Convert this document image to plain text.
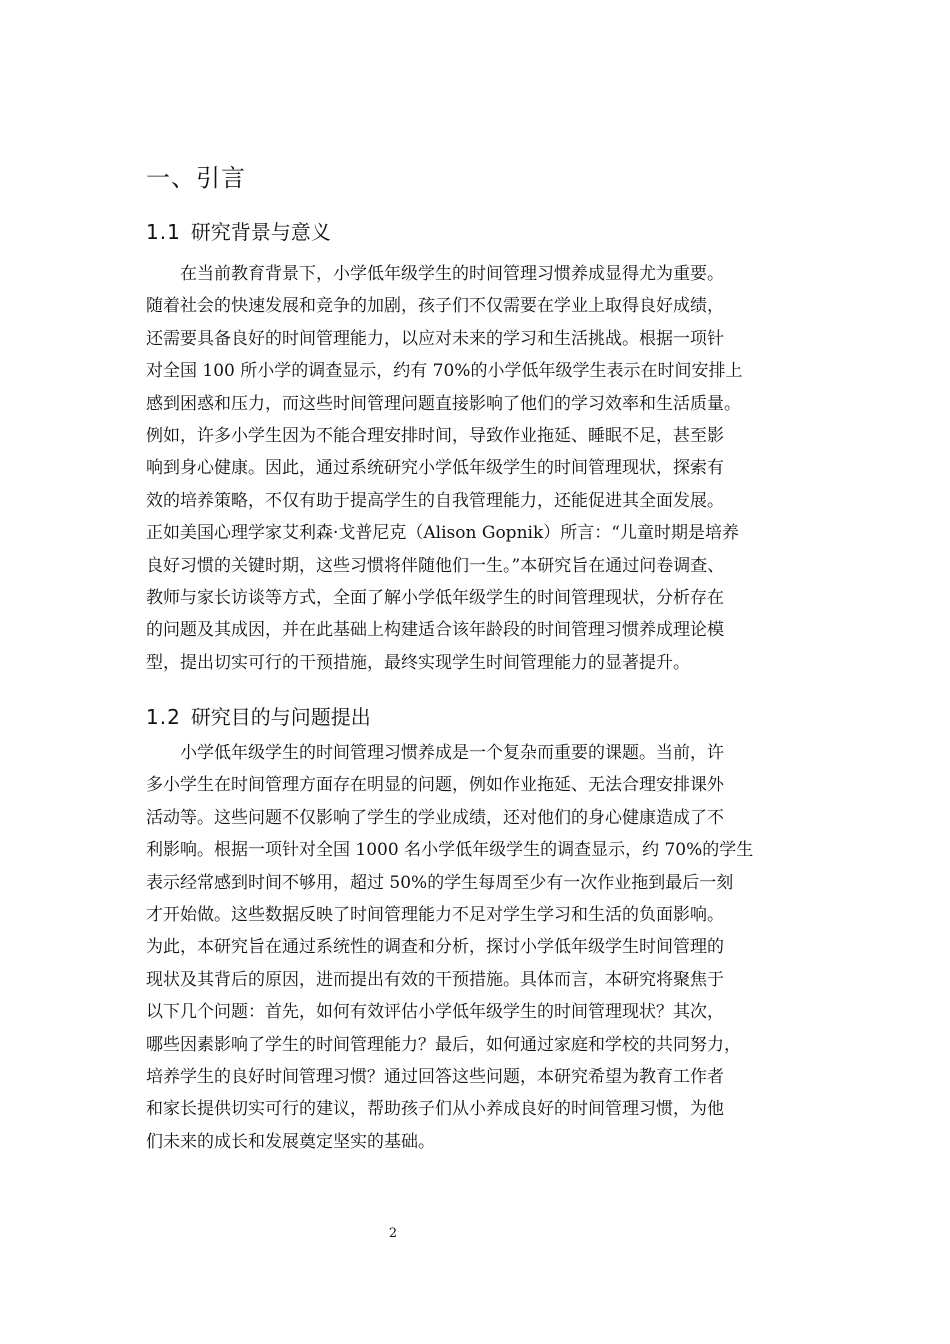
一、引言
1.1 研究背景与意义
　　在当前教育背景下，小学低年级学生的时间管理习惯养成显得尤为重要。
随着社会的快速发展和竞争的加剧，孩子们不仅需要在学业上取得良好成绩，
还需要具备良好的时间管理能力，以应对未来的学习和生活挑战。根据一项针
对全国 100 所小学的调查显示，约有 70%的小学低年级学生表示在时间安排上
感到困惑和压力，而这些时间管理问题直接影响了他们的学习效率和生活质量。
例如，许多小学生因为不能合理安排时间，导致作业拖延、睡眠不足，甚至影
响到身心健康。因此，通过系统研究小学低年级学生的时间管理现状，探索有
效的培养策略，不仅有助于提高学生的自我管理能力，还能促进其全面发展。
正如美国心理学家艾利森·戈普尼克（Alison Gopnik）所言：“儿童时期是培养
良好习惯的关键时期，这些习惯将伴随他们一生。”本研究旨在通过问卷调查、
教师与家长访谈等方式，全面了解小学低年级学生的时间管理现状，分析存在
的问题及其成因，并在此基础上构建适合该年龄段的时间管理习惯养成理论模
型，提出切实可行的干预措施，最终实现学生时间管理能力的显著提升。
1.2 研究目的与问题提出
　　小学低年级学生的时间管理习惯养成是一个复杂而重要的课题。当前，许
多小学生在时间管理方面存在明显的问题，例如作业拖延、无法合理安排课外
活动等。这些问题不仅影响了学生的学业成绩，还对他们的身心健康造成了不
利影响。根据一项针对全国 1000 名小学低年级学生的调查显示，约 70%的学生
表示经常感到时间不够用，超过 50%的学生每周至少有一次作业拖到最后一刻
才开始做。这些数据反映了时间管理能力不足对学生学习和生活的负面影响。
为此，本研究旨在通过系统性的调查和分析，探讨小学低年级学生时间管理的
现状及其背后的原因，进而提出有效的干预措施。具体而言，本研究将聚焦于
以下几个问题：首先，如何有效评估小学低年级学生的时间管理现状？其次，
哪些因素影响了学生的时间管理能力？最后，如何通过家庭和学校的共同努力，
培养学生的良好时间管理习惯？通过回答这些问题，本研究希望为教育工作者
和家长提供切实可行的建议，帮助孩子们从小养成良好的时间管理习惯，为他
们未来的成长和发展奠定坚实的基础。
2
